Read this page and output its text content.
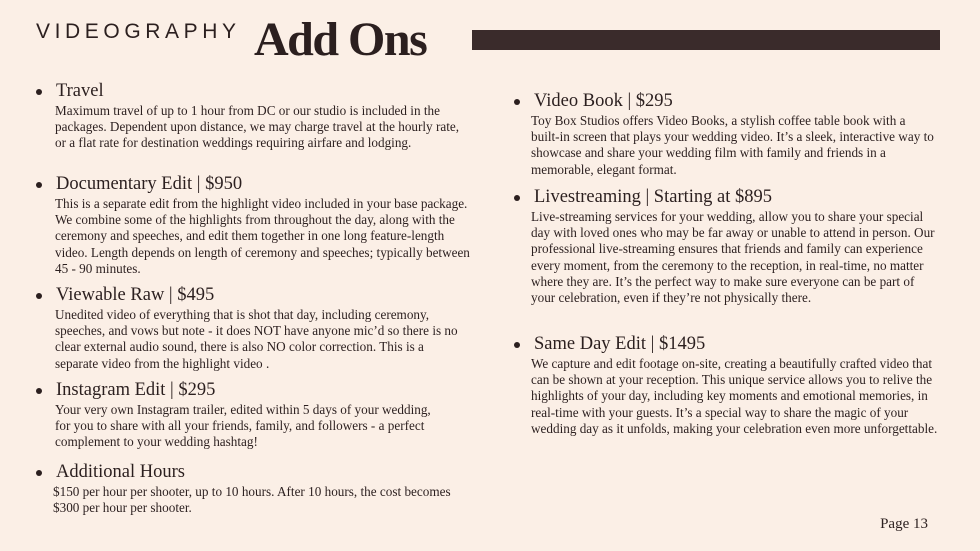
VIDEOGRAPHY Add Ons
Travel
Maximum travel of up to 1 hour from DC or our studio is included in the packages. Dependent upon distance, we may charge travel at the hourly rate, or a flat rate for destination weddings requiring airfare and lodging.
Documentary Edit | $950
This is a separate edit from the highlight video included in your base package. We combine some of the highlights from throughout the day, along with the ceremony and speeches, and edit them together in one long feature-length video. Length depends on length of ceremony and speeches; typically between 45 - 90 minutes.
Viewable Raw | $495
Unedited video of everything that is shot that day, including ceremony, speeches, and vows but note - it does NOT have anyone mic’d so there is no clear external audio sound, there is also NO color correction. This is a separate video from the highlight video .
Instagram Edit | $295
Your very own Instagram trailer, edited within 5 days of your wedding, for you to share with all your friends, family, and followers - a perfect complement to your wedding hashtag!
Additional Hours
$150 per hour per shooter, up to 10 hours. After 10 hours, the cost becomes $300 per hour per shooter.
Video Book | $295
Toy Box Studios offers Video Books, a stylish coffee table book with a built-in screen that plays your wedding video. It’s a sleek, interactive way to showcase and share your wedding film with family and friends in a memorable, elegant format.
Livestreaming | Starting at $895
Live-streaming services for your wedding, allow you to share your special day with loved ones who may be far away or unable to attend in person. Our professional live-streaming ensures that friends and family can experience every moment, from the ceremony to the reception, in real-time, no matter where they are. It’s the perfect way to make sure everyone can be part of your celebration, even if they’re not physically there.
Same Day Edit | $1495
We capture and edit footage on-site, creating a beautifully crafted video that can be shown at your reception. This unique service allows you to relive the highlights of your day, including key moments and emotional memories, in real-time with your guests. It’s a special way to share the magic of your wedding day as it unfolds, making your celebration even more unforgettable.
Page 13
